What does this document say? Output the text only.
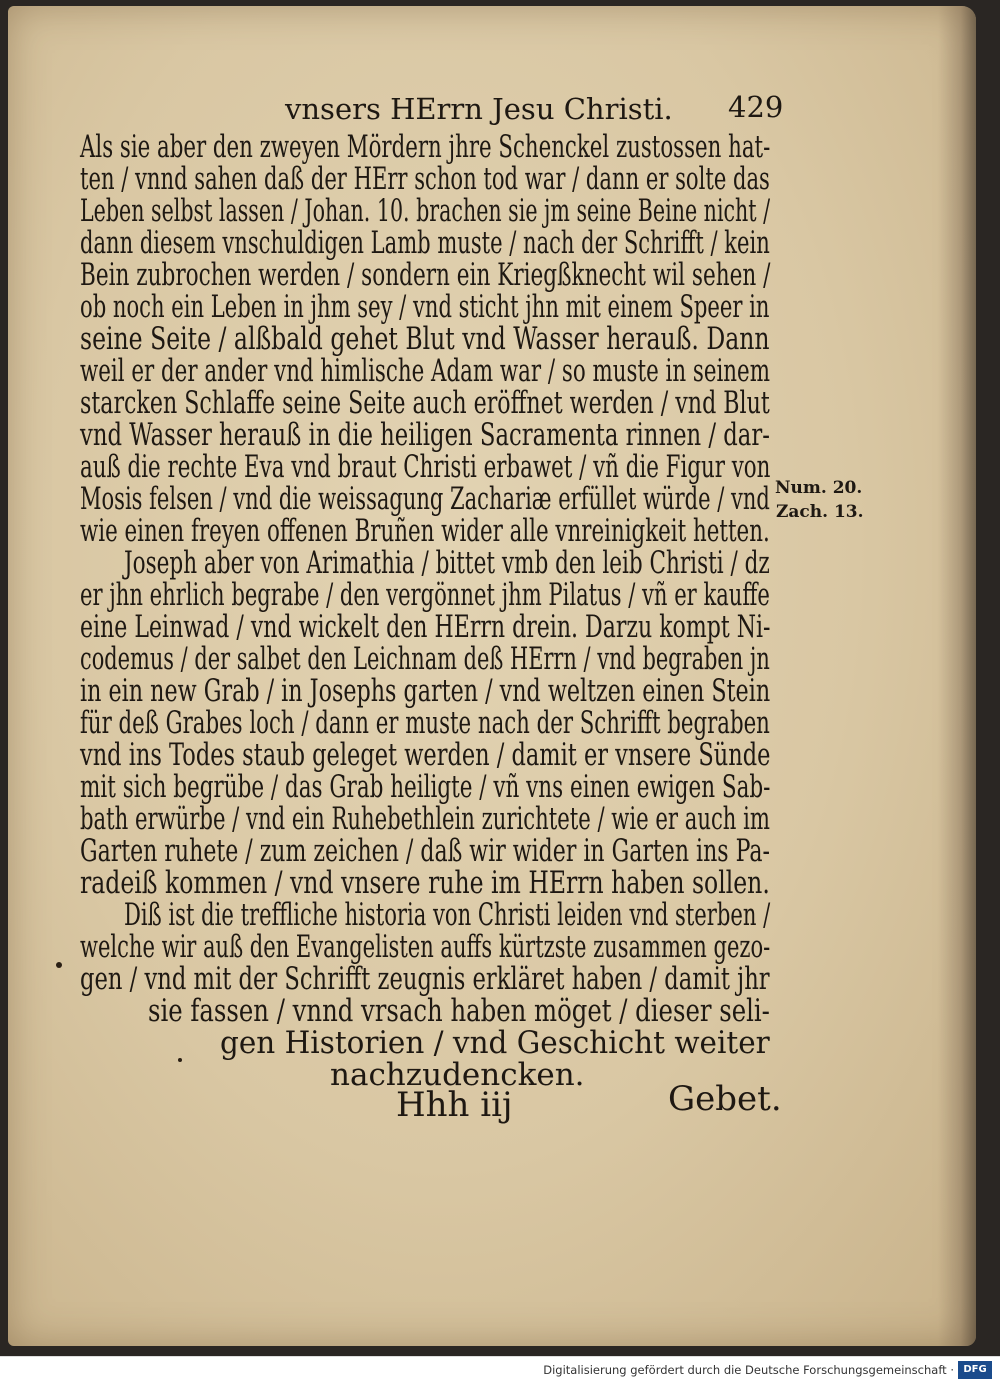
vnsers HErrn Jesu Christi. 429
Als sie aber den zweyen Mördern jhre Schenckel zustossen hat-
ten / vnnd sahen daß der HErr schon tod war / dann er solte das
Leben selbst lassen / Johan. 10. brachen sie jm seine Beine nicht /
dann diesem vnschuldigen Lamb muste / nach der Schrifft / kein
Bein zubrochen werden / sondern ein Kriegßknecht wil sehen /
ob noch ein Leben in jhm sey / vnd sticht jhn mit einem Speer in
seine Seite / alßbald gehet Blut vnd Wasser herauß. Dann
weil er der ander vnd himlische Adam war / so muste in seinem
starcken Schlaffe seine Seite auch eröffnet werden / vnd Blut
vnd Wasser herauß in die heiligen Sacramenta rinnen / dar-
auß die rechte Eva vnd braut Christi erbawet / vñ die Figur von
Mosis felsen / vnd die weissagung Zachariæ erfüllet würde / vnd
wie einen freyen offenen Bruñen wider alle vnreinigkeit hetten.
Joseph aber von Arimathia / bittet vmb den leib Christi / dz
er jhn ehrlich begrabe / den vergönnet jhm Pilatus / vñ er kauffe
eine Leinwad / vnd wickelt den HErrn drein. Darzu kompt Ni-
codemus / der salbet den Leichnam deß HErrn / vnd begraben jn
in ein new Grab / in Josephs garten / vnd weltzen einen Stein
für deß Grabes loch / dann er muste nach der Schrifft begraben
vnd ins Todes staub geleget werden / damit er vnsere Sünde
mit sich begrübe / das Grab heiligte / vñ vns einen ewigen Sab-
bath erwürbe / vnd ein Ruhebethlein zurichtete / wie er auch im
Garten ruhete / zum zeichen / daß wir wider in Garten ins Pa-
radeiß kommen / vnd vnsere ruhe im HErrn haben sollen.
Diß ist die treffliche historia von Christi leiden vnd sterben /
welche wir auß den Evangelisten auffs kürtzste zusammen gezo-
gen / vnd mit der Schrifft zeugnis erkläret haben / damit jhr
sie fassen / vnnd vrsach haben möget / dieser seli-
gen Historien / vnd Geschicht weiter
nachzudencken.
Num. 20.
Zach. 13.
Hhh iij	Gebet.
Digitalisierung gefördert durch die Deutsche Forschungsgemeinschaft · DFG
